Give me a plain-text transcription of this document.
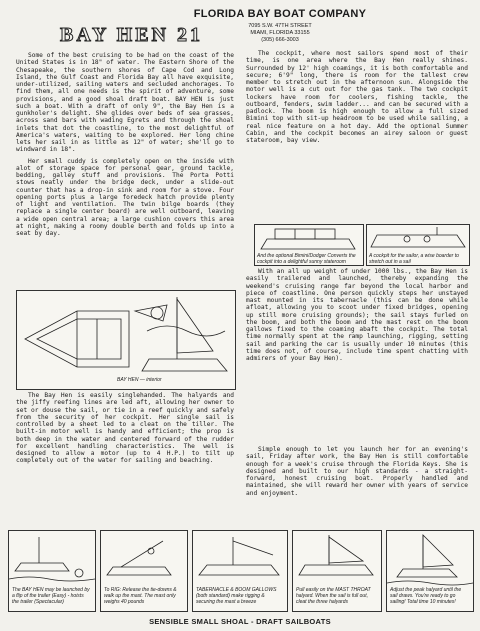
FLORIDA BAY BOAT COMPANY
7095 S.W. 47TH STREET
MIAMI, FLORIDA 33155
(305) 666-3003
BAY HEN 21

Some of the best cruising to be had on the coast of the United States is in 18" of water. The Eastern Shore of the Chesapeake, the southern shores of Cape Cod and Long Island, the Gulf Coast and Florida Bay all have exquisite, under-utilized, sailing waters and secluded anchorages. To find them, all one needs is the spirit of adventure, some provisions, and a good shoal draft boat. BAY HEN is just such a boat. With a draft of only 9", the Bay Hen is a gunkholer's delight. She glides over beds of sea grasses, across sand bars with wading Egrets and through the shoal inlets that dot the coastline, to the most delightful of America's waters, waiting to be explored. Her long chine lets her sail in as little as 12" of water; she'll go to windward in 18".

Her small cuddy is completely open on the inside with alot of storage space for personal gear, ground tackle, bedding, galley stuff and provisions. The Porta Potti stows neatly under the bridge deck, under a slide-out counter that has a drop-in sink and room for a stove. Four opening ports plus a large foredeck hatch provide plenty of light and ventilation. The twin bilge boards (they replace a single center board) are well outboard, leaving a wide open central area; a large cushion covers this area at night, making a roomy double berth and folds up into a seat by day.

BAY HEN — interior

The Bay Hen is easily singlehanded. The halyards and the jiffy reefing lines are led aft, allowing her owner to set or douse the sail, or tie in a reef quickly and safely from the security of her cockpit. Her single sail is controlled by a sheet led to a cleat on the tiller. The built-in motor well is handy and efficient; the prop is both deep in the water and centered forward of the rudder for excellent handling characteristics. The well is designed to allow a motor (up to 4 H.P.) to tilt up completely out of the water for sailing and beaching.

The cockpit, where most sailors spend most of their time, is one area where the Bay Hen really shines. Surrounded by 12' high coamings, it is both comfortable and secure; 6'9" long, there is room for the tallest crew member to stretch out in the afternoon sun. Alongside the motor well is a cut out for the gas tank. The two cockpit lockers have room for coolers, fishing tackle, the outboard, fenders, swim ladder... and can be secured with a padlock. The boom is high enough to allow a full sized Bimini top with sit-up headroom to be used while sailing, a real nice feature on a hot day. Add the optional Summer Cabin, and the cockpit becomes an airey saloon or guest stateroom, bay view.

And the optional Bimini/Dodger Converts the cockpit into a delightful sunny stateroom
A cockpit for the sailor, a wise boarder to stretch out in a sail

With an all up weight of under 1000 lbs., the Bay Hen is easily trailered and launched, thereby expanding the weekend's cruising range far beyond the local harbor and piece of coastline. One person quickly steps her unstayed mast mounted in its tabernacle (this can be done while afloat, allowing you to scoot under fixed bridges, opening up still more cruising grounds); the sail stays furled on the boom, and both the boom and the mast rest on the boom gallows fixed to the coaming abaft the cockpit. The total time normally spent at the ramp launching, rigging, setting sail and parking the car is usually under 10 minutes (this time does not, of course, include time spent chatting with admirers of your Bay Hen).

Simple enough to let you launch her for an evening's sail, Friday after work, the Bay Hen is still comfortable enough for a week's cruise through the Florida Keys. She is designed and built to our high standards - a straight-forward, honest cruising boat. Properly handled and maintained, she will reward her owner with years of service and enjoyment.

The BAY HEN may be launched by a flip of the trailer (Easy) - hoists the trailer (Spectacular)
To RIG: Release the tie-downs & walk up the mast. The mast only weighs 40 pounds
TABERNACLE & BOOM GALLOWS (both standard) make rigging & securing the mast a breeze
Pull easily on the MAST THROAT halyard. When the sail is full out, cleat the three halyards
Adjust the peak halyard until the sail draws. You're ready to go sailing! Total time 10 minutes!
SENSIBLE SMALL SHOAL - DRAFT SAILBOATS
